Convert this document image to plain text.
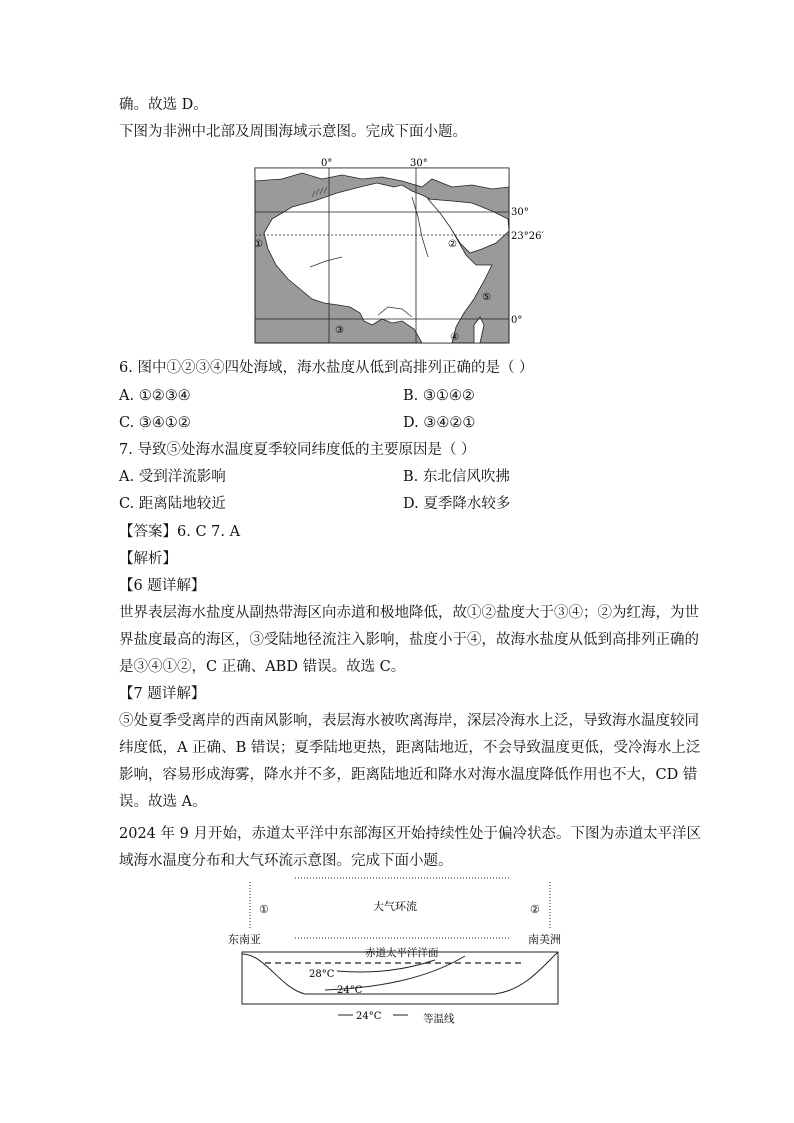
确。故选 D。
下图为非洲中北部及周围海域示意图。完成下面小题。
0°	30°
30°
23°26′
0°
①	②
③
④
⑤
6. 图中①②③④四处海域，海水盐度从低到高排列正确的是（ ）
A. ①②③④	B. ③①④②
C. ③④①②	D. ③④②①
7. 导致⑤处海水温度夏季较同纬度低的主要原因是（ ）
A. 受到洋流影响	B. 东北信风吹拂
C. 距离陆地较近	D. 夏季降水较多
【答案】6. C 7. A
【解析】
【6 题详解】
世界表层海水盐度从副热带海区向赤道和极地降低，故①②盐度大于③④；②为红海，为世
界盐度最高的海区，③受陆地径流注入影响，盐度小于④，故海水盐度从低到高排列正确的
是③④①②，C 正确、ABD 错误。故选 C。
【7 题详解】
⑤处夏季受离岸的西南风影响，表层海水被吹离海岸，深层冷海水上泛，导致海水温度较同
纬度低，A 正确、B 错误；夏季陆地更热，距离陆地近，不会导致温度更低，受冷海水上泛
影响，容易形成海雾，降水并不多，距离陆地近和降水对海水温度降低作用也不大，CD 错
误。故选 A。
2024 年 9 月开始，赤道太平洋中东部海区开始持续性处于偏冷状态。下图为赤道太平洋区
域海水温度分布和大气环流示意图。完成下面小题。
大气环流
①	②
东南亚	南美洲
赤道太平洋洋面
28°C
24°C
24°C	等温线
